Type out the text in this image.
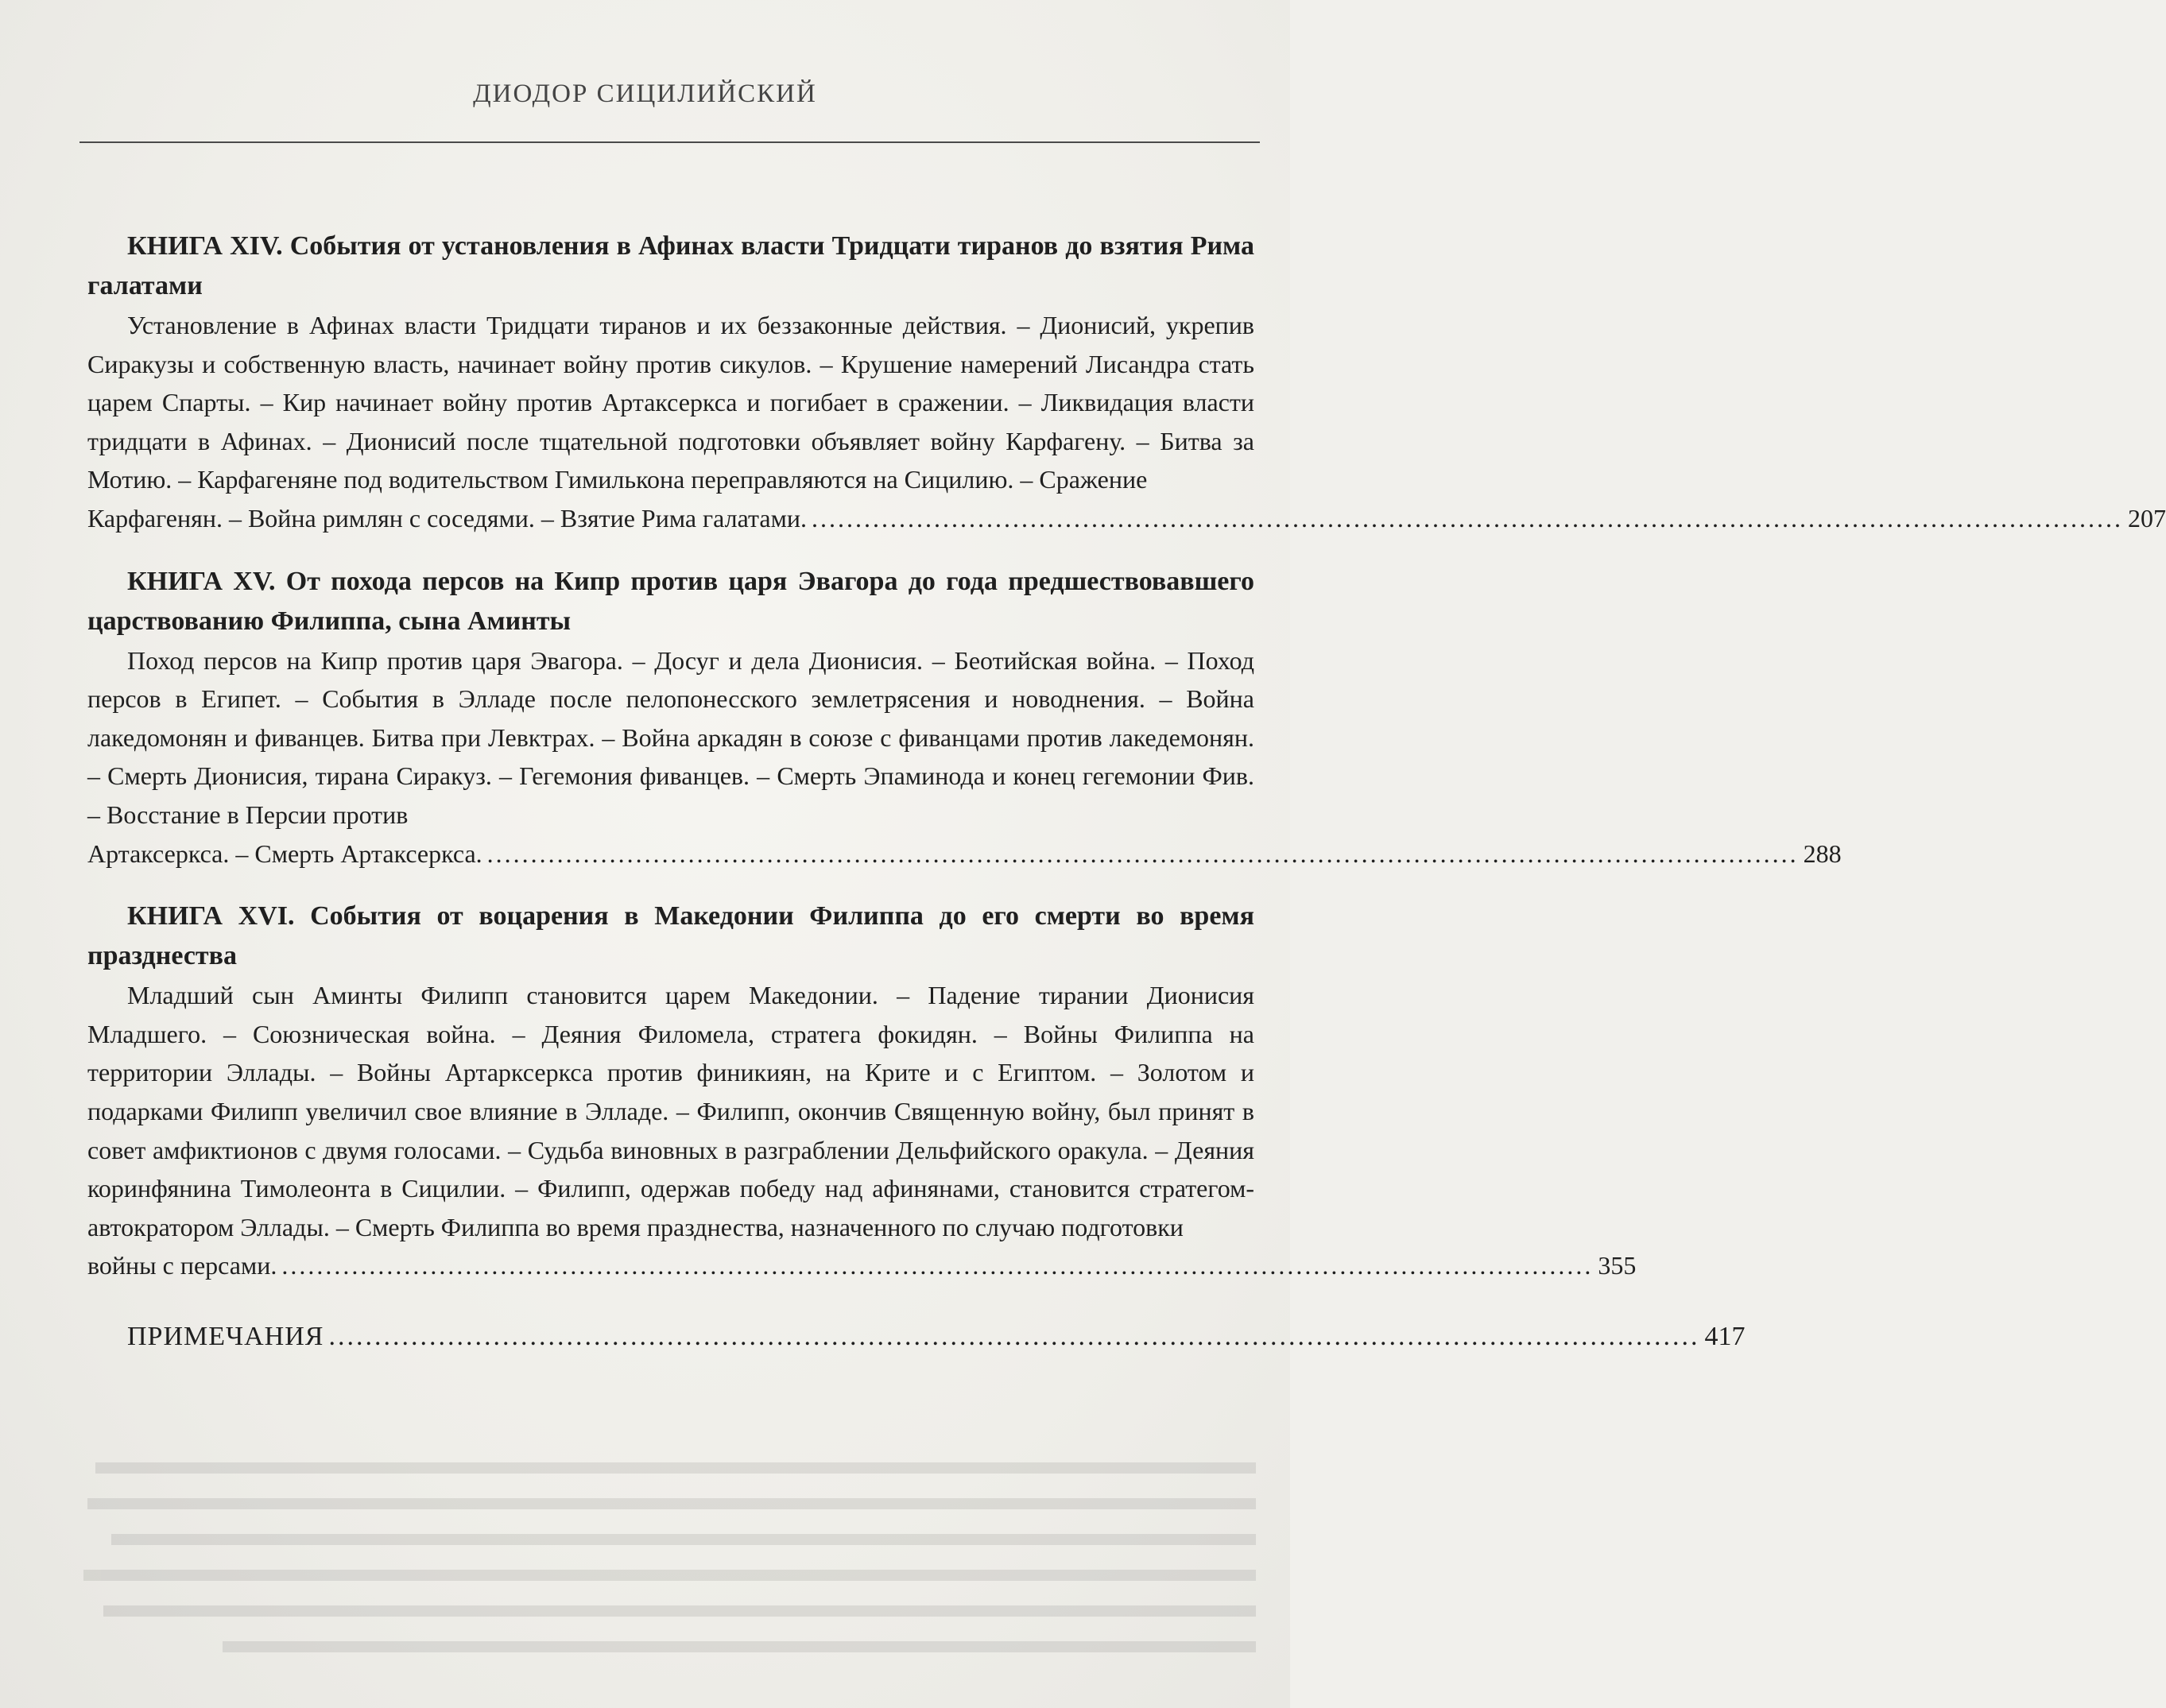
ДИОДОР СИЦИЛИЙСКИЙ

КНИГА XIV. События от установления в Афинах власти Тридцати тиранов до взятия Рима галатами

Установление в Афинах власти Тридцати тиранов и их беззаконные действия. – Дионисий, укрепив Сиракузы и собственную власть, начинает войну против сикулов. – Крушение намерений Лисандра стать царем Спарты. – Кир начинает войну против Артаксеркса и погибает в сражении. – Ликвидация власти тридцати в Афинах. – Дионисий после тщательной подготовки объявляет войну Карфагену. – Битва за Мотию. – Карфагеняне под водительством Гимилькона переправляются на Сицилию. – Сражение

Карфагенян. – Война римлян с соседями. – Взятие Рима галатами. ...................................................................................................................................................... 207

КНИГА XV. От похода персов на Кипр против царя Эвагора до года предшествовавшего царствованию Филиппа, сына Аминты

Поход персов на Кипр против царя Эвагора. – Досуг и дела Дионисия. – Беотийская война. – Поход персов в Египет. – События в Элладе после пелопонесского землетрясения и новоднения. – Война лакедомонян и фиванцев. Битва при Левктрах. – Война аркадян в союзе с фиванцами против лакедемонян. – Смерть Дионисия, тирана Сиракуз. – Гегемония фиванцев. – Смерть Эпаминода и конец гегемонии Фив. – Восстание в Персии против

Артаксеркса. – Смерть Артаксеркса. ...................................................................................................................................................... 288

КНИГА XVI. События от воцарения в Македонии Филиппа до его смерти во время празднества

Младший сын Аминты Филипп становится царем Македонии. – Падение тирании Дионисия Младшего. – Союзническая война. – Деяния Филомела, стратега фокидян. – Войны Филиппа на территории Эллады. – Войны Артарксеркса против финикиян, на Крите и с Египтом. – Золотом и подарками Филипп увеличил свое влияние в Элладе. – Филипп, окончив Священную войну, был принят в совет амфиктионов с двумя голосами. – Судьба виновных в разграблении Дельфийского оракула. – Деяния коринфянина Тимолеонта в Сицилии. – Филипп, одержав победу над афинянами, становится стратегом-автократором Эллады. – Смерть Филиппа во время празднества, назначенного по случаю подготовки

войны с персами. ...................................................................................................................................................... 355
ПРИМЕЧАНИЯ ...................................................................................................................................................... 417
